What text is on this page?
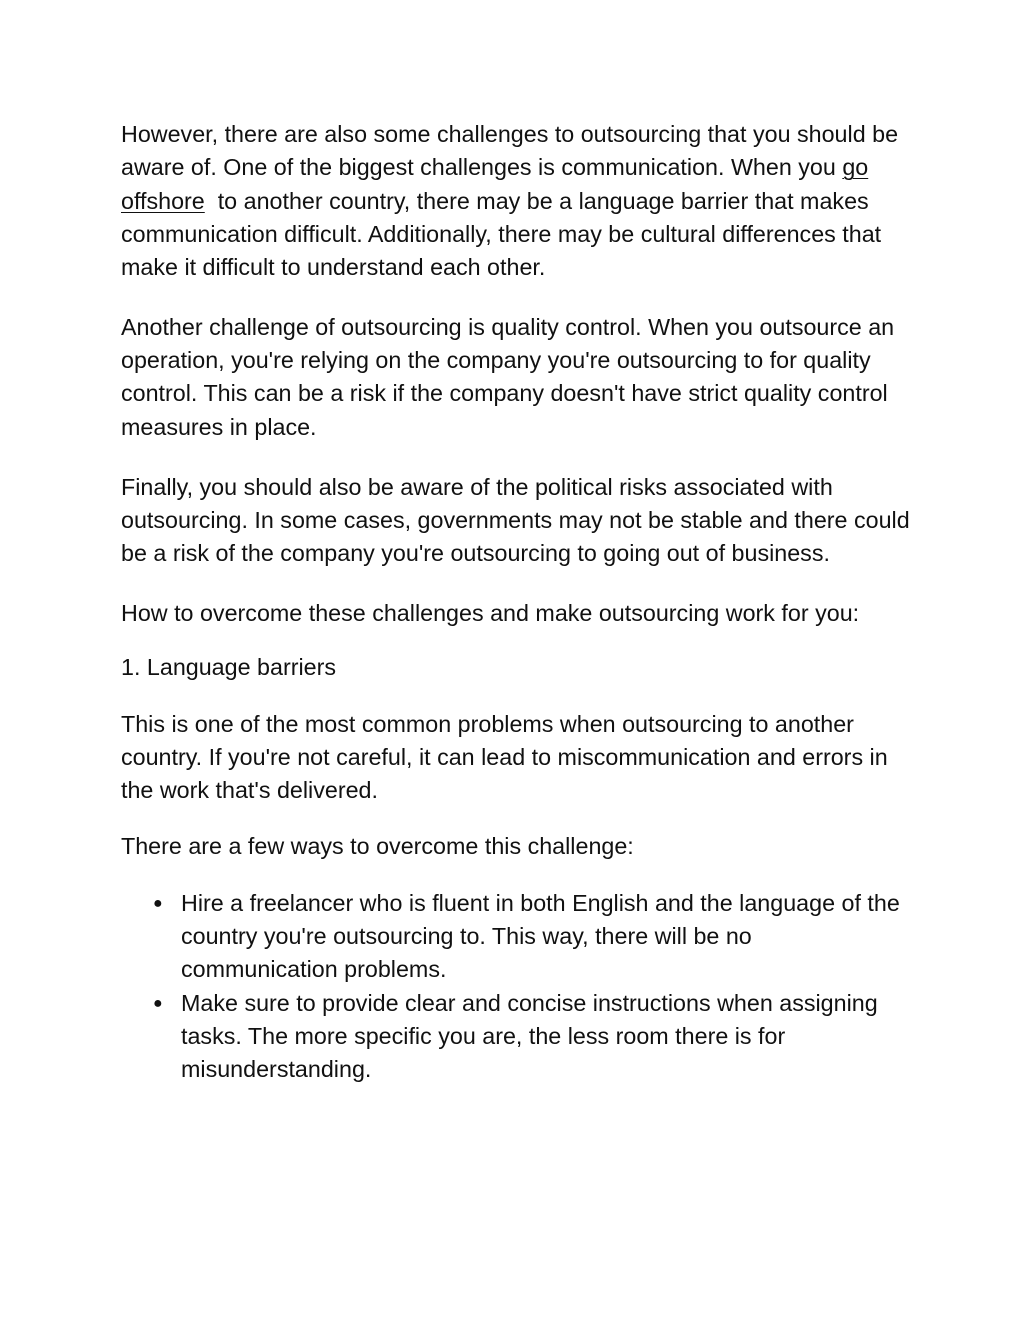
However, there are also some challenges to outsourcing that you should be aware of. One of the biggest challenges is communication. When you go offshore  to another country, there may be a language barrier that makes communication difficult. Additionally, there may be cultural differences that make it difficult to understand each other.

Another challenge of outsourcing is quality control. When you outsource an operation, you're relying on the company you're outsourcing to for quality control. This can be a risk if the company doesn't have strict quality control measures in place.

Finally, you should also be aware of the political risks associated with outsourcing. In some cases, governments may not be stable and there could be a risk of the company you're outsourcing to going out of business.

How to overcome these challenges and make outsourcing work for you:

1. Language barriers

This is one of the most common problems when outsourcing to another country. If you're not careful, it can lead to miscommunication and errors in the work that's delivered.

There are a few ways to overcome this challenge:

● Hire a freelancer who is fluent in both English and the language of the country you're outsourcing to. This way, there will be no communication problems.
● Make sure to provide clear and concise instructions when assigning tasks. The more specific you are, the less room there is for misunderstanding.
